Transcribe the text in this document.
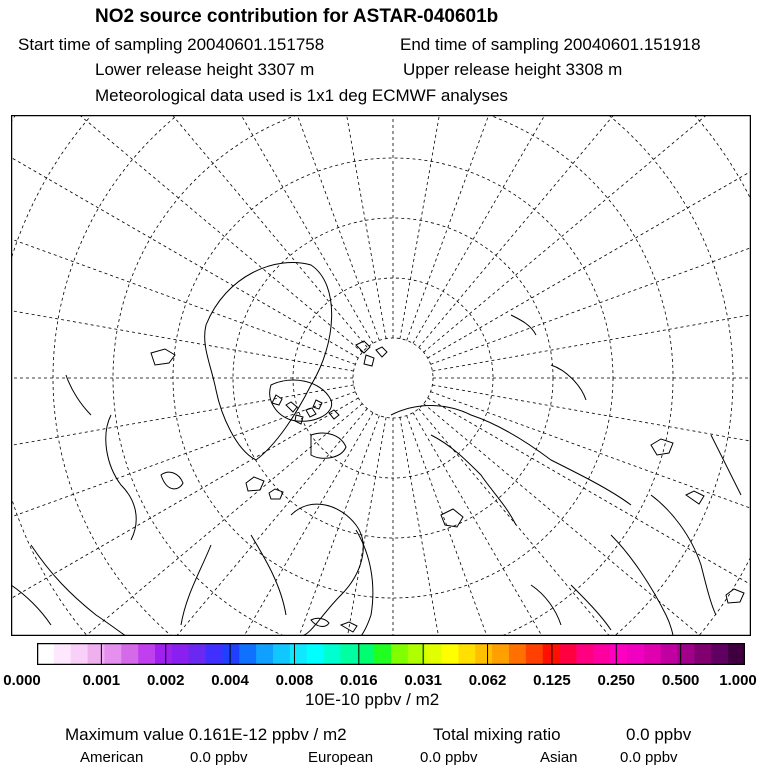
NO2 source contribution for ASTAR-040601b
Start time of sampling 20040601.151758	End time of sampling 20040601.151918
Lower release height 3307 m	Upper release height 3308 m
Meteorological data used is 1x1 deg ECMWF analyses
0.000	0.001 0.002 0.004 0.008 0.016 0.031 0.062 0.125 0.250 0.500 1.000
10E-10 ppbv / m2
Maximum value 0.161E-12 ppbv / m2	Total mixing ratio	0.0 ppbv
American	0.0 ppbv	European	0.0 ppbv	Asian	0.0 ppbv
